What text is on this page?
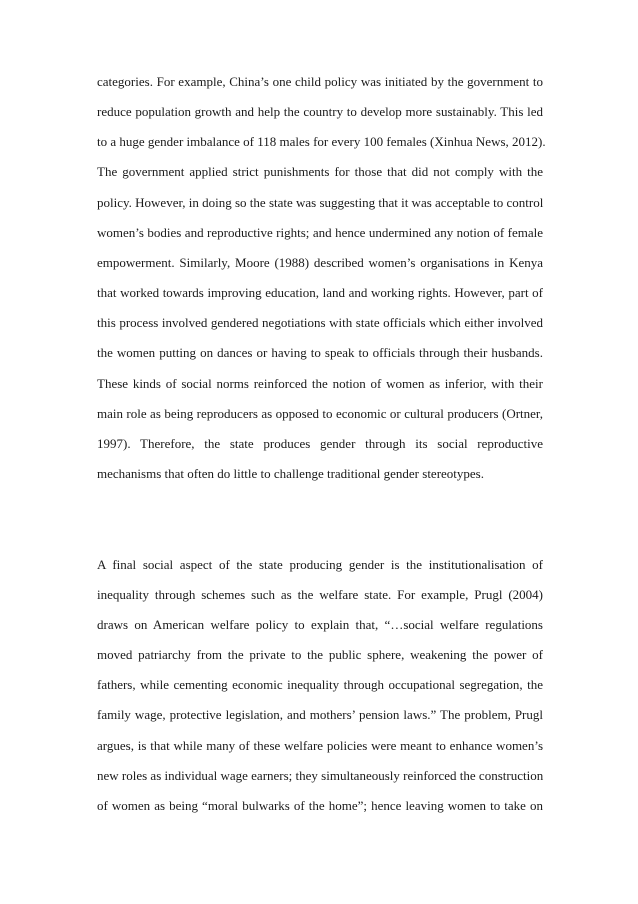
categories. For example, China’s one child policy was initiated by the government to
reduce population growth and help the country to develop more sustainably. This led
to a huge gender imbalance of 118 males for every 100 females (Xinhua News, 2012).
The government applied strict punishments for those that did not comply with the
policy. However, in doing so the state was suggesting that it was acceptable to control
women’s bodies and reproductive rights; and hence undermined any notion of female
empowerment. Similarly, Moore (1988) described women’s organisations in Kenya
that worked towards improving education, land and working rights. However, part of
this process involved gendered negotiations with state officials which either involved
the women putting on dances or having to speak to officials through their husbands.
These kinds of social norms reinforced the notion of women as inferior, with their
main role as being reproducers as opposed to economic or cultural producers (Ortner,
1997). Therefore, the state produces gender through its social reproductive
mechanisms that often do little to challenge traditional gender stereotypes.
A final social aspect of the state producing gender is the institutionalisation of
inequality through schemes such as the welfare state. For example, Prugl (2004)
draws on American welfare policy to explain that, “…social welfare regulations
moved patriarchy from the private to the public sphere, weakening the power of
fathers, while cementing economic inequality through occupational segregation, the
family wage, protective legislation, and mothers’ pension laws.” The problem, Prugl
argues, is that while many of these welfare policies were meant to enhance women’s
new roles as individual wage earners; they simultaneously reinforced the construction
of women as being “moral bulwarks of the home”; hence leaving women to take on
